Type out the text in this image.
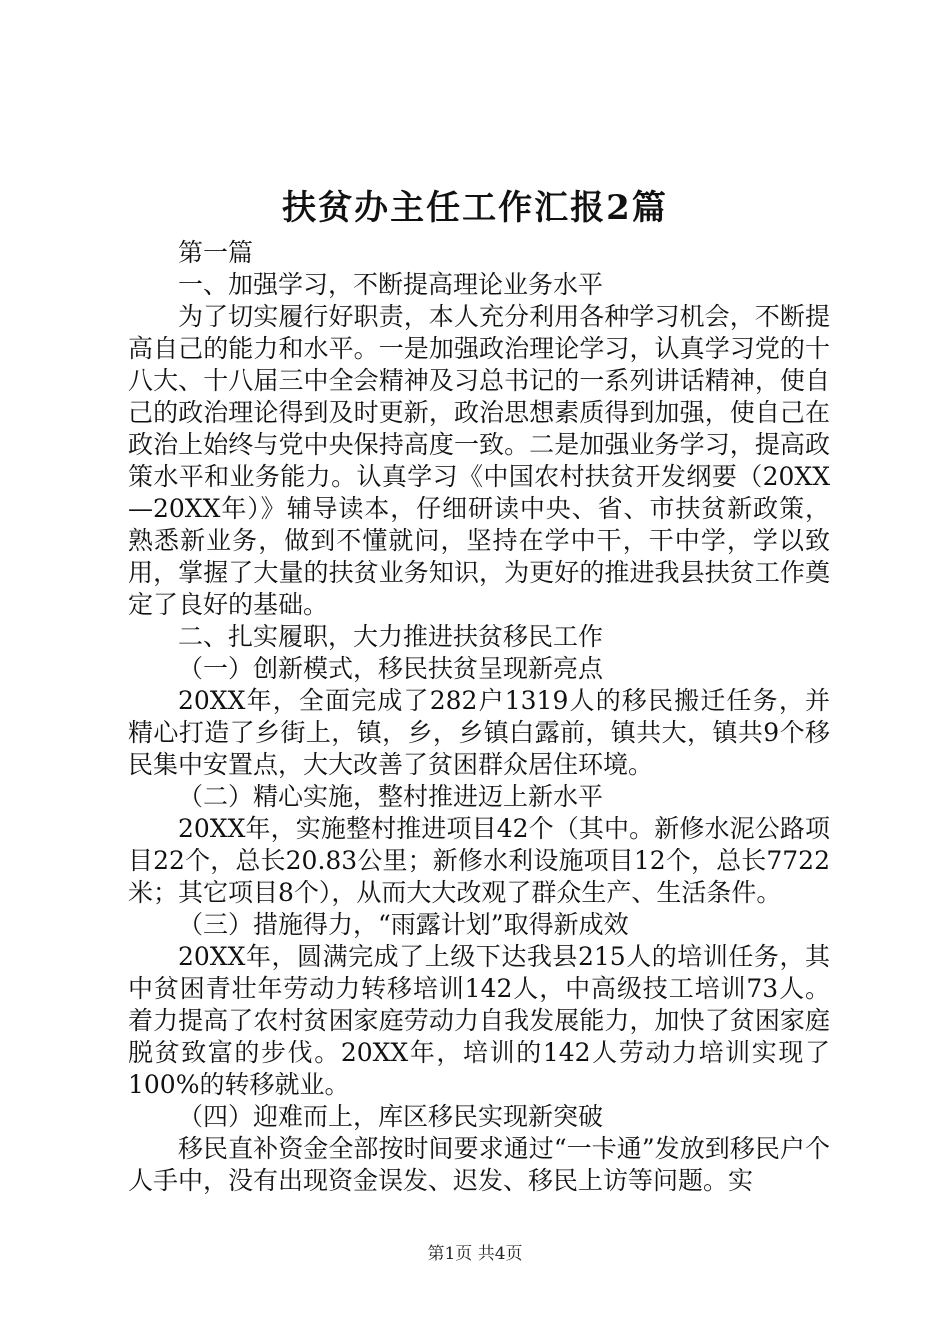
扶贫办主任工作汇报2篇

第一篇

一、加强学习，不断提高理论业务水平

为了切实履行好职责，本人充分利用各种学习机会，不断提高自己的能力和水平。一是加强政治理论学习，认真学习党的十八大、十八届三中全会精神及习总书记的一系列讲话精神，使自己的政治理论得到及时更新，政治思想素质得到加强，使自己在政治上始终与党中央保持高度一致。二是加强业务学习，提高政策水平和业务能力。认真学习《中国农村扶贫开发纲要（20XX—20XX年）》辅导读本，仔细研读中央、省、市扶贫新政策，熟悉新业务，做到不懂就问，坚持在学中干，干中学，学以致用，掌握了大量的扶贫业务知识，为更好的推进我县扶贫工作奠定了良好的基础。

二、扎实履职，大力推进扶贫移民工作

（一）创新模式，移民扶贫呈现新亮点

20XX年，全面完成了282户1319人的移民搬迁任务，并精心打造了乡街上，镇，乡，乡镇白露前，镇共大，镇共9个移民集中安置点，大大改善了贫困群众居住环境。

（二）精心实施，整村推进迈上新水平

20XX年，实施整村推进项目42个（其中。新修水泥公路项目22个，总长20.83公里；新修水利设施项目12个，总长7722米；其它项目8个），从而大大改观了群众生产、生活条件。

（三）措施得力，“雨露计划”取得新成效

20XX年，圆满完成了上级下达我县215人的培训任务，其中贫困青壮年劳动力转移培训142人，中高级技工培训73人。着力提高了农村贫困家庭劳动力自我发展能力，加快了贫困家庭脱贫致富的步伐。20XX年，培训的142人劳动力培训实现了100%的转移就业。

（四）迎难而上，库区移民实现新突破

移民直补资金全部按时间要求通过“一卡通”发放到移民户个人手中，没有出现资金误发、迟发、移民上访等问题。实

第1页 共4页
